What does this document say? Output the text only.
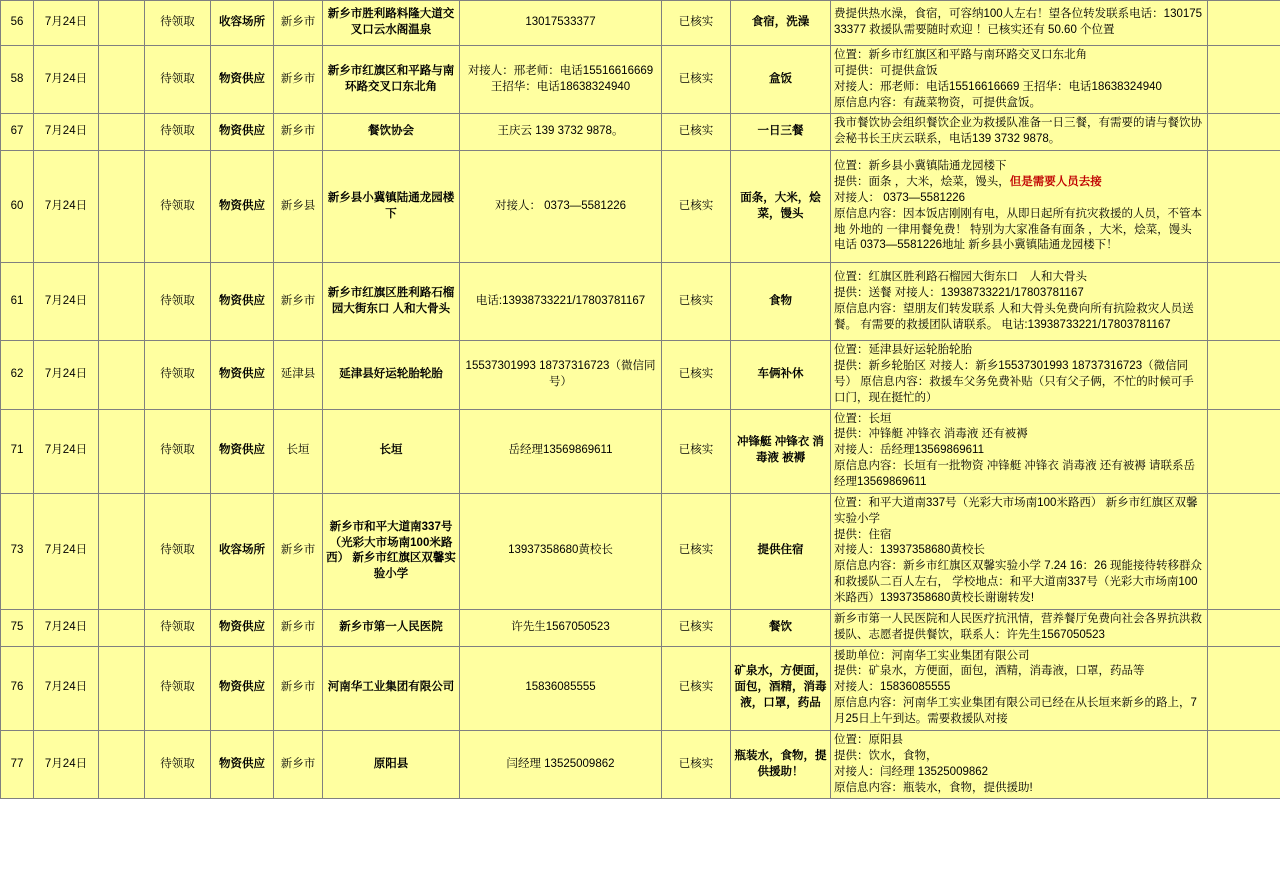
56	7月24日		待领取	收容场所	新乡市	新乡市胜利路料隆大道交叉口云水阁温泉	13017533377	已核实	食宿，洗澡	费提供热水澡，食宿，可容纳100人左右！望各位转发联系电话：13017533377 救援队需要随时欢迎 ！已核实还有 50.60 个位置	
58	7月24日		待领取	物资供应	新乡市	新乡市红旗区和平路与南环路交叉口东北角	对接人：邢老师：电话15516616669 王招华：电话18638324940	已核实	盒饭	位置：新乡市红旗区和平路与南环路交叉口东北角
可提供：可提供盒饭
对接人：邢老师：电话15516616669 王招华：电话18638324940
原信息内容：有蔬菜物资，可提供盒饭。	
67	7月24日		待领取	物资供应	新乡市	餐饮协会	王庆云 139 3732 9878。	已核实	一日三餐	我市餐饮协会组织餐饮企业为救援队准备一日三餐，有需要的请与餐饮协会秘书长王庆云联系，电话139 3732 9878。	
60	7月24日		待领取	物资供应	新乡县	新乡县小冀镇陆通龙园楼下	对接人： 0373—5581226	已核实	面条，大米，烩菜，馒头	位置：新乡县小冀镇陆通龙园楼下
提供：面条 ，大米，烩菜，馒头，但是需要人员去接
对接人： 0373—5581226
原信息内容：因本饭店刚刚有电，从即日起所有抗灾救援的人员，不管本地 外地的 一律用餐免费！ 特别为大家准备有面条 ，大米，烩菜，馒头 电话 0373—5581226地址 新乡县小冀镇陆通龙园楼下！	
61	7月24日		待领取	物资供应	新乡市	新乡市红旗区胜利路石榴园大街东口 人和大骨头	电话:13938733221/17803781167	已核实	食物	位置：红旗区胜利路石榴园大街东口　人和大骨头
提供：送餐 对接人：13938733221/17803781167
原信息内容：望朋友们转发联系 人和大骨头免费向所有抗险救灾人员送餐。 有需要的救援团队请联系。 电诂:13938733221/17803781167	
62	7月24日		待领取	物资供应	延津县	延津县好运轮胎轮胎	15537301993 18737316723（微信同号）	已核实	车俩补休	位置：延津县好运轮胎轮胎
提供：新乡轮胎区 对接人：新乡15537301993 18737316723（微信同号） 原信息内容：救援车父务免费补贴（只有父子俩，不忙的时候可手口门，现在挺忙的）	
71	7月24日		待领取	物资供应	长垣	长垣	岳经理13569869611	已核实	冲锋艇 冲锋衣 消毒液 被褥	位置：长垣
提供：冲锋艇 冲锋衣 消毒液 还有被褥
对接人：岳经理13569869611
原信息内容：长垣有一批物资 冲锋艇 冲锋衣 消毒液 还有被褥 请联系岳经理13569869611	
73	7月24日		待领取	收容场所	新乡市	新乡市和平大道南337号（光彩大市场南100米路西） 新乡市红旗区双馨实验小学	13937358680黄校长	已核实	提供住宿	位置：和平大道南337号（光彩大市场南100米路西） 新乡市红旗区双馨实验小学
提供：住宿
对接人：13937358680黄校长
原信息内容：新乡市红旗区双馨实验小学 7.24 16：26 现能接待转移群众和救援队二百人左右， 学校地点：和平大道南337号（光彩大市场南100米路西）13937358680黄校长谢谢转发!	
75	7月24日		待领取	物资供应	新乡市	新乡市第一人民医院	许先生1567050523	已核实	餐饮	新乡市第一人民医院和人民医疗抗汛情，营养餐厅免费向社会各界抗洪救援队、志愿者提供餐饮，联系人：许先生1567050523	
76	7月24日		待领取	物资供应	新乡市	河南华工业集团有限公司	15836085555	已核实	矿泉水，方便面，面包，酒精，消毒液，口罩，药品	援助单位：河南华工实业集团有限公司
提供：矿泉水，方便面，面包，酒精，消毒液，口罩，药品等
对接人：15836085555
原信息内容：河南华工实业集团有限公司已经在从长垣来新乡的路上，7月25日上午到达。需要救援队对接	
77	7月24日		待领取	物资供应	新乡市	原阳县	闫经理 13525009862	已核实	瓶装水，食物，提供援助！	位置：原阳县
提供：饮水，食物，
对接人：闫经理 13525009862
原信息内容：瓶装水，食物，提供援助!	
